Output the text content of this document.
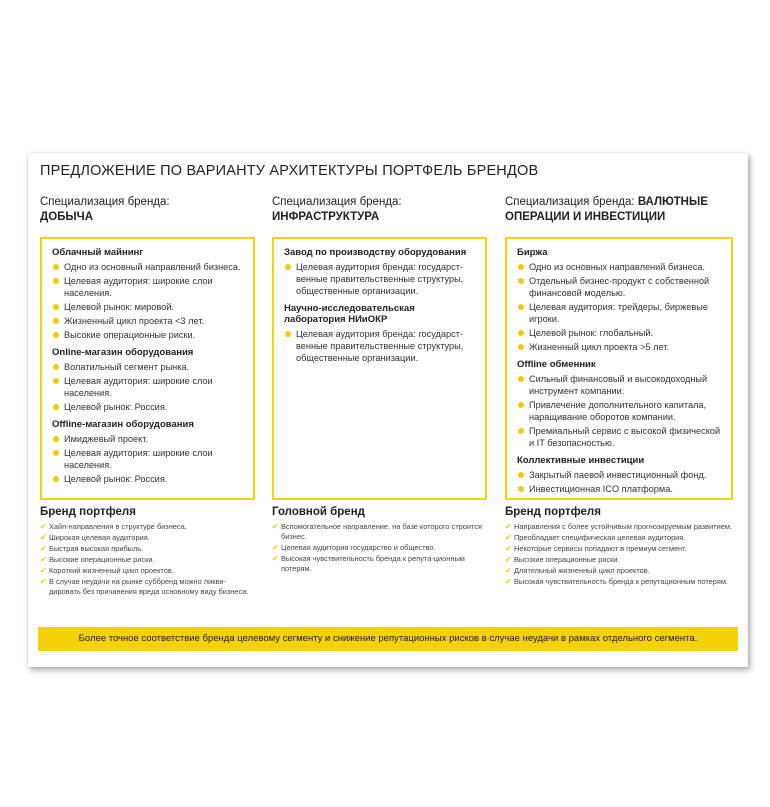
ПРЕДЛОЖЕНИЕ ПО ВАРИАНТУ АРХИТЕКТУРЫ ПОРТФЕЛЬ БРЕНДОВ

Специализация бренда:
ДОБЫЧА

Облачный майнинг
Одно из основный направлений бизнеса.
Целевая аудитория: широкие слои населения.
Целевой рынок: мировой.
Жизненный цикл проекта <3 лет.
Высокие операционные риски.
Online-магазин оборудования
Волатильный сегмент рынка.
Целевая аудитория: широкие слои населения.
Целевой рынок: Россия.
Offline-магазин оборудования
Имиджевый проект.
Целевая аудитория: широкие слои населения.
Целевой рынок: Россия.
Бренд портфеля
✔ Хайп-направления в структуре бизнеса.
✔ Широкая целевая аудитория.
✔ Быстрая высокая прибыль.
✔ Высокие операционные риски.
✔ Короткий жизненный цикл проектов.
✔ В случае неудачи на рынке суббренд можно ликви-дировать без причинения вреда основному виду бизнеса.

Специализация бренда:
ИНФРАСТРУКТУРА

Завод по производству оборудования
Целевая аудитория бренда: государст-венные правительственные структуры, общественные организации.
Научно-исследовательская лаборатория НИиОКР
Целевая аудитория бренда: государст-венные правительственные структуры, общественные организации.
Головной бренд
✔ Вспомогательное направление, на базе которого строится бизнес.
✔ Целевая аудитория государство и общество.
✔ Высокая чувствительность бренда к репута-ционным потерям.

Специализация бренда: ВАЛЮТНЫЕ ОПЕРАЦИИ И ИНВЕСТИЦИИ

Биржа
Одно из основных направлений бизнеса.
Отдельный бизнес-продукт с собственной финансовой моделью.
Целевая аудитория: трейдеры, биржевые игроки.
Целевой рынок: глобальный.
Жизненный цикл проекта >5 лет.
Offline обменник
Сильный финансовый и высокодоходный инструмент компании.
Привлечение дополнительного капитала, наращивание оборотов компании.
Премиальный сервис с высокой физической и IT безопасностью.
Коллективные инвестиции
Закрытый паевой инвестиционный фонд.
Инвестиционная ICO платформа.
Бренд портфеля
✔ Направления с более устойчивым прогнозируемым развитием.
✔ Преобладает специфическая целевая аудитория.
✔ Некоторые сервисы попадают в премиум сегмент.
✔ Высокие операционные риски.
✔ Длительный жизненный цикл проектов.
✔ Высокая чувствительность бренда к репутационным потерям.
Более точное соответствие бренда целевому сегменту и снижение репутационных рисков в случае неудачи в рамках отдельного сегмента.
